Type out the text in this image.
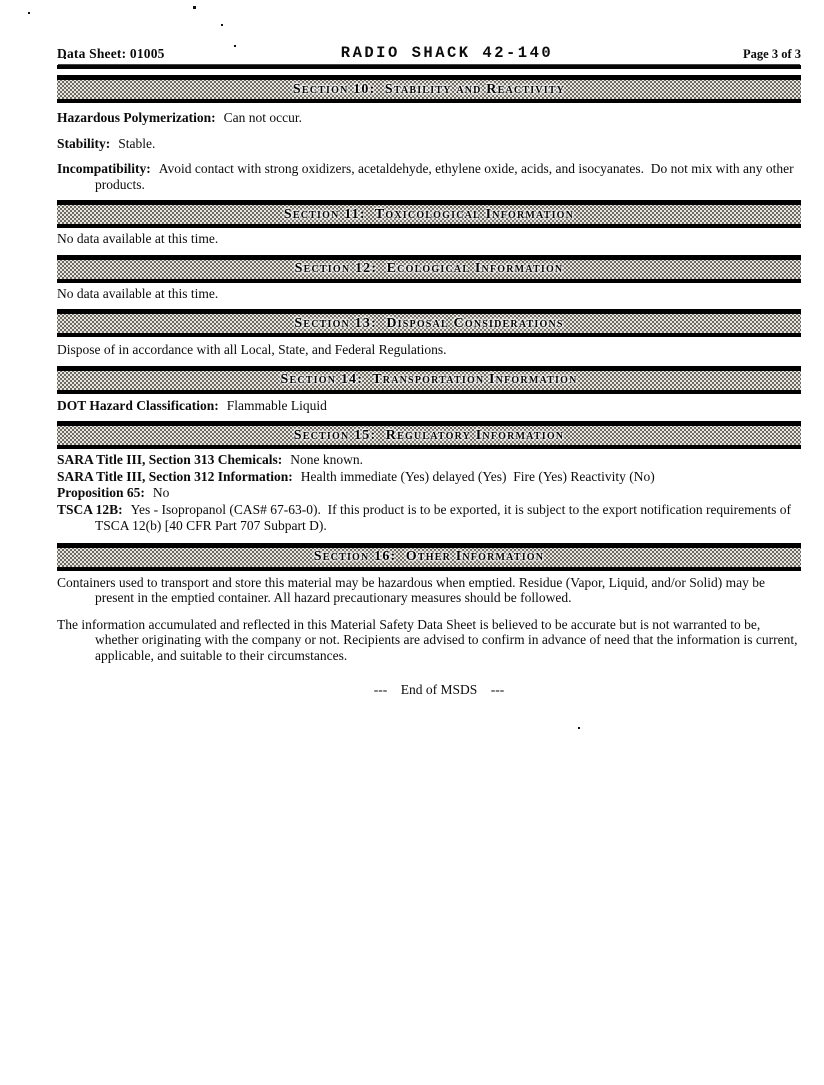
Data Sheet: 01005	RADIO SHACK 42-140	Page 3 of 3
Section 10:  Stability and Reactivity
Hazardous Polymerization: Can not occur.
Stability: Stable.
Incompatibility: Avoid contact with strong oxidizers, acetaldehyde, ethylene oxide, acids, and isocyanates.  Do not mix with any other products.
Section 11:  Toxicological Information
No data available at this time.
Section 12:  Ecological Information
No data available at this time.
Section 13:  Disposal Considerations
Dispose of in accordance with all Local, State, and Federal Regulations.
Section 14:  Transportation Information
DOT Hazard Classification: Flammable Liquid
Section 15:  Regulatory Information
SARA Title III, Section 313 Chemicals: None known.
SARA Title III, Section 312 Information: Health immediate (Yes) delayed (Yes)  Fire (Yes) Reactivity (No)
Proposition 65: No
TSCA 12B: Yes - Isopropanol (CAS# 67-63-0).  If this product is to be exported, it is subject to the export notification requirements of TSCA 12(b) [40 CFR Part 707 Subpart D).
Section 16:  Other Information
Containers used to transport and store this material may be hazardous when emptied. Residue (Vapor, Liquid, and/or Solid) may be present in the emptied container. All hazard precautionary measures should be followed.
The information accumulated and reflected in this Material Safety Data Sheet is believed to be accurate but is not warranted to be, whether originating with the company or not. Recipients are advised to confirm in advance of need that the information is current, applicable, and suitable to their circumstances.
---    End of MSDS    ---
